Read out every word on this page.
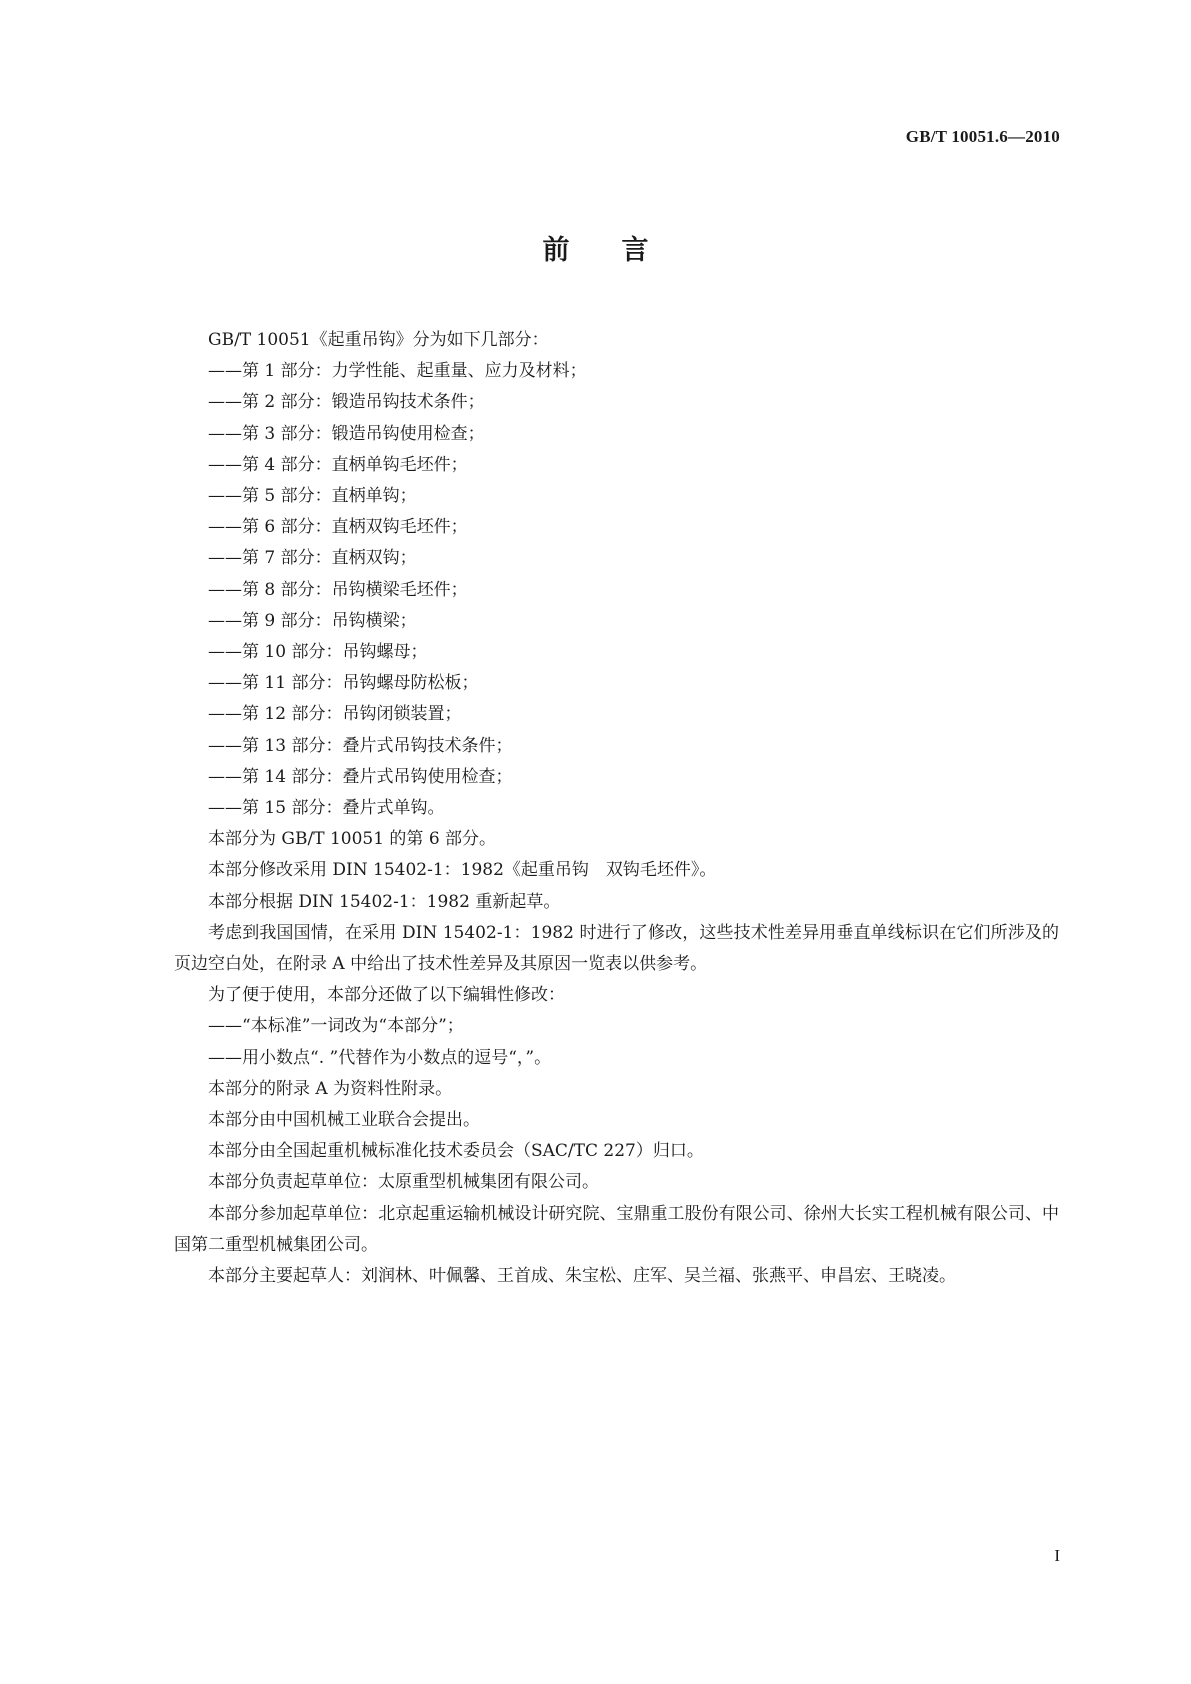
GB/T 10051.6—2010
前言

GB/T 10051《起重吊钩》分为如下几部分：

——第 1 部分：力学性能、起重量、应力及材料；

——第 2 部分：锻造吊钩技术条件；

——第 3 部分：锻造吊钩使用检查；

——第 4 部分：直柄单钩毛坯件；

——第 5 部分：直柄单钩；

——第 6 部分：直柄双钩毛坯件；

——第 7 部分：直柄双钩；

——第 8 部分：吊钩横梁毛坯件；

——第 9 部分：吊钩横梁；

——第 10 部分：吊钩螺母；

——第 11 部分：吊钩螺母防松板；

——第 12 部分：吊钩闭锁装置；

——第 13 部分：叠片式吊钩技术条件；

——第 14 部分：叠片式吊钩使用检查；

——第 15 部分：叠片式单钩。

本部分为 GB/T 10051 的第 6 部分。

本部分修改采用 DIN 15402-1：1982《起重吊钩　双钩毛坯件》。

本部分根据 DIN 15402-1：1982 重新起草。

考虑到我国国情，在采用 DIN 15402-1：1982 时进行了修改，这些技术性差异用垂直单线标识在它们所涉及的页边空白处，在附录 A 中给出了技术性差异及其原因一览表以供参考。

为了便于使用，本部分还做了以下编辑性修改：

——“本标准”一词改为“本部分”；

——用小数点“. ”代替作为小数点的逗号“，”。

本部分的附录 A 为资料性附录。

本部分由中国机械工业联合会提出。

本部分由全国起重机械标准化技术委员会（SAC/TC 227）归口。

本部分负责起草单位：太原重型机械集团有限公司。

本部分参加起草单位：北京起重运输机械设计研究院、宝鼎重工股份有限公司、徐州大长实工程机械有限公司、中国第二重型机械集团公司。

本部分主要起草人：刘润林、叶佩馨、王首成、朱宝松、庄军、吴兰福、张燕平、申昌宏、王晓凌。

I
